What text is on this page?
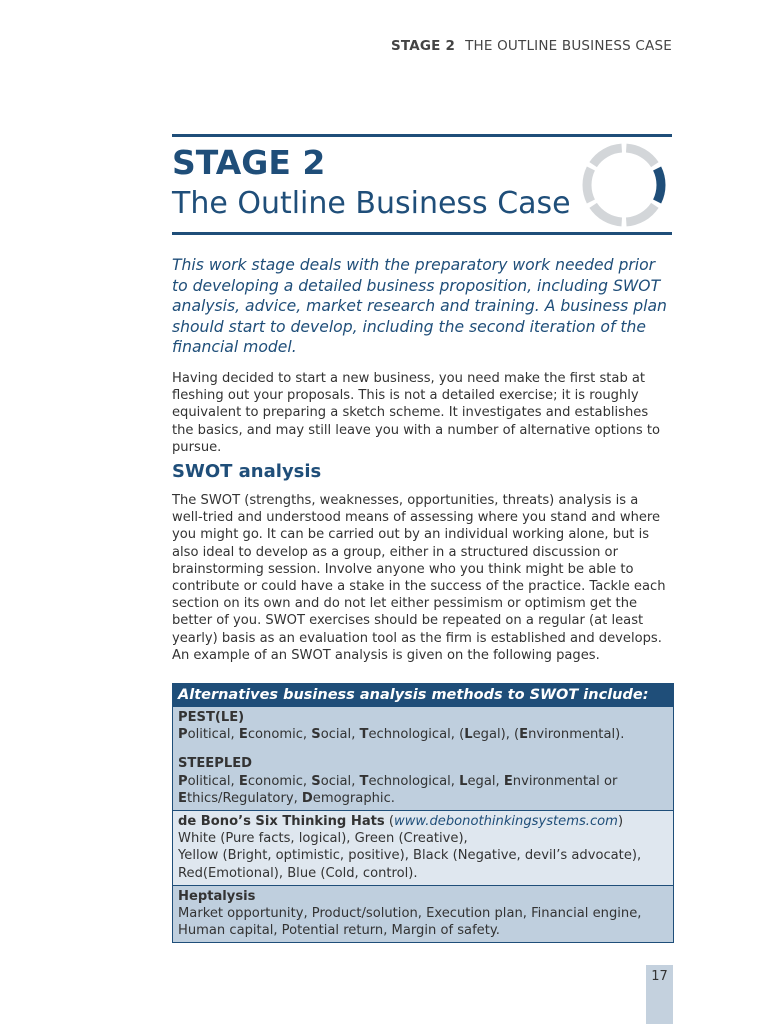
STAGE 2 THE OUTLINE BUSINESS CASE
STAGE 2
The Outline Business Case

This work stage deals with the preparatory work needed prior to developing a detailed business proposition, including SWOT analysis, advice, market research and training. A business plan should start to develop, including the second iteration of the financial model.

Having decided to start a new business, you need make the first stab at fleshing out your proposals. This is not a detailed exercise; it is roughly equivalent to preparing a sketch scheme. It investigates and establishes the basics, and may still leave you with a number of alternative options to pursue.

SWOT analysis

The SWOT (strengths, weaknesses, opportunities, threats) analysis is a well-tried and understood means of assessing where you stand and where you might go. It can be carried out by an individual working alone, but is also ideal to develop as a group, either in a structured discussion or brainstorming session. Involve anyone who you think might be able to contribute or could have a stake in the success of the practice. Tackle each section on its own and do not let either pessimism or optimism get the better of you. SWOT exercises should be repeated on a regular (at least yearly) basis as an evaluation tool as the firm is established and develops. An example of an SWOT analysis is given on the following pages.

Alternatives business analysis methods to SWOT include:
PEST(LE)
Political, Economic, Social, Technological, (Legal), (Environmental).
STEEPLED
Political, Economic, Social, Technological, Legal, Environmental or Ethics/Regulatory, Demographic.
de Bono’s Six Thinking Hats (www.debonothinkingsystems.com)
White (Pure facts, logical), Green (Creative),
Yellow (Bright, optimistic, positive), Black (Negative, devil’s advocate),
Red(Emotional), Blue (Cold, control).
Heptalysis
Market opportunity, Product/solution, Execution plan, Financial engine, Human capital, Potential return, Margin of safety.
17
